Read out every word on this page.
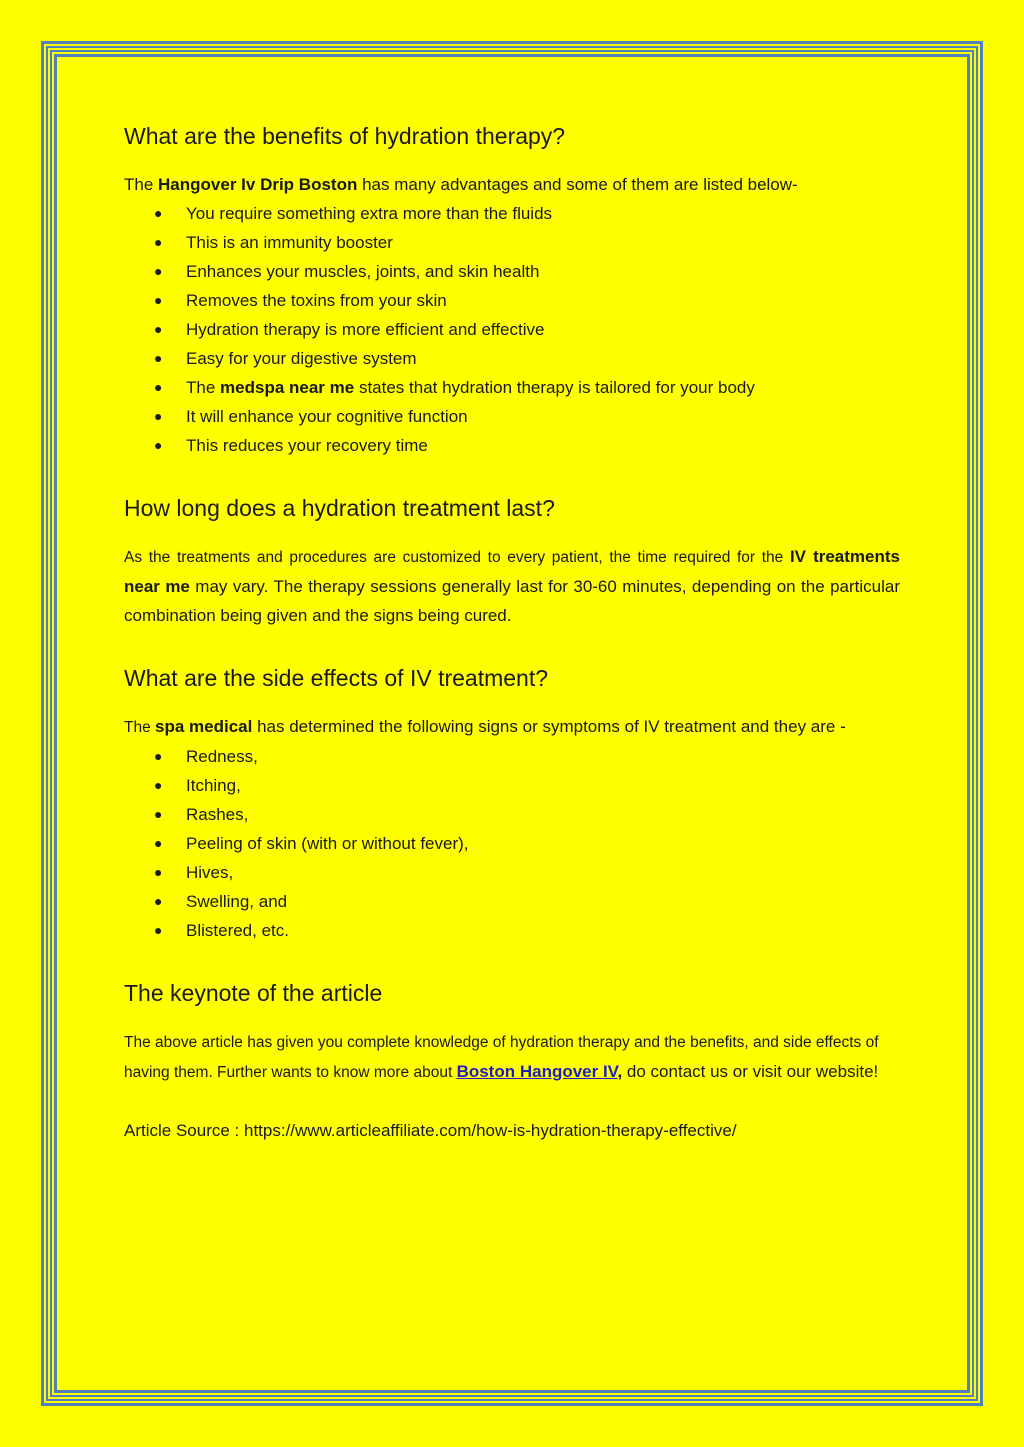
What are the benefits of hydration therapy?

The Hangover Iv Drip Boston has many advantages and some of them are listed below-

● You require something extra more than the fluids
● This is an immunity booster
● Enhances your muscles, joints, and skin health
● Removes the toxins from your skin
● Hydration therapy is more efficient and effective
● Easy for your digestive system
● The medspa near me states that hydration therapy is tailored for your body
● It will enhance your cognitive function
● This reduces your recovery time
How long does a hydration treatment last?

As the treatments and procedures are customized to every patient, the time required for the IV treatments near me may vary. The therapy sessions generally last for 30-60 minutes, depending on the particular combination being given and the signs being cured.

What are the side effects of IV treatment?

The spa medical has determined the following signs or symptoms of IV treatment and they are -

● Redness,
● Itching,
● Rashes,
● Peeling of skin (with or without fever),
● Hives,
● Swelling, and
● Blistered, etc.
The keynote of the article

The above article has given you complete knowledge of hydration therapy and the benefits, and side effects of having them. Further wants to know more about Boston Hangover IV, do contact us or visit our website!

Article Source : https://www.articleaffiliate.com/how-is-hydration-therapy-effective/
